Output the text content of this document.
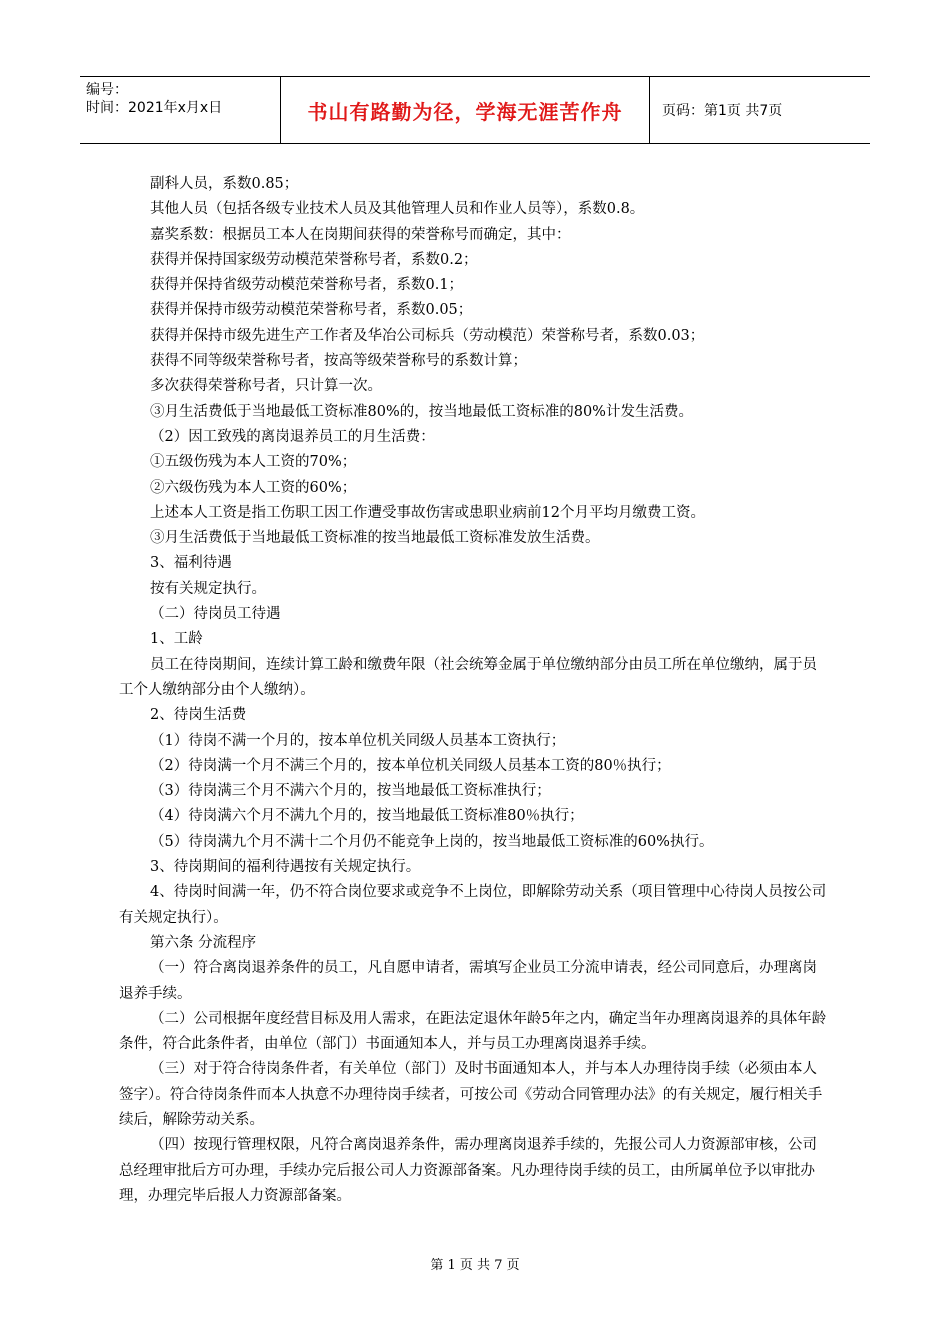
编号：
时间：2021年x月x日	书山有路勤为径，学海无涯苦作舟	页码：第1页 共7页

副科人员，系数0.85；

其他人员（包括各级专业技术人员及其他管理人员和作业人员等），系数0.8。

嘉奖系数：根据员工本人在岗期间获得的荣誉称号而确定，其中：

获得并保持国家级劳动模范荣誉称号者，系数0.2；

获得并保持省级劳动模范荣誉称号者，系数0.1；

获得并保持市级劳动模范荣誉称号者，系数0.05；

获得并保持市级先进生产工作者及华冶公司标兵（劳动模范）荣誉称号者，系数0.03；

获得不同等级荣誉称号者，按高等级荣誉称号的系数计算；

多次获得荣誉称号者，只计算一次。

③月生活费低于当地最低工资标准80%的，按当地最低工资标准的80%计发生活费。

（2）因工致残的离岗退养员工的月生活费：

①五级伤残为本人工资的70%；

②六级伤残为本人工资的60%；

上述本人工资是指工伤职工因工作遭受事故伤害或患职业病前12个月平均月缴费工资。

③月生活费低于当地最低工资标准的按当地最低工资标准发放生活费。

3、福利待遇

按有关规定执行。

（二）待岗员工待遇

1、工龄

员工在待岗期间，连续计算工龄和缴费年限（社会统筹金属于单位缴纳部分由员工所在单位缴纳，属于员工个人缴纳部分由个人缴纳）。

2、待岗生活费

（1）待岗不满一个月的，按本单位机关同级人员基本工资执行；

（2）待岗满一个月不满三个月的，按本单位机关同级人员基本工资的80％执行；

（3）待岗满三个月不满六个月的，按当地最低工资标准执行；

（4）待岗满六个月不满九个月的，按当地最低工资标准80％执行；

（5）待岗满九个月不满十二个月仍不能竞争上岗的，按当地最低工资标准的60%执行。

3、待岗期间的福利待遇按有关规定执行。

4、待岗时间满一年，仍不符合岗位要求或竞争不上岗位，即解除劳动关系（项目管理中心待岗人员按公司有关规定执行）。

第六条 分流程序

（一）符合离岗退养条件的员工，凡自愿申请者，需填写企业员工分流申请表，经公司同意后，办理离岗退养手续。

（二）公司根据年度经营目标及用人需求，在距法定退休年龄5年之内，确定当年办理离岗退养的具体年龄条件，符合此条件者，由单位（部门）书面通知本人，并与员工办理离岗退养手续。

（三）对于符合待岗条件者，有关单位（部门）及时书面通知本人，并与本人办理待岗手续（必须由本人签字）。符合待岗条件而本人执意不办理待岗手续者，可按公司《劳动合同管理办法》的有关规定，履行相关手续后，解除劳动关系。

（四）按现行管理权限，凡符合离岗退养条件，需办理离岗退养手续的，先报公司人力资源部审核，公司总经理审批后方可办理，手续办完后报公司人力资源部备案。凡办理待岗手续的员工，由所属单位予以审批办理，办理完毕后报人力资源部备案。

第 1 页 共 7 页
